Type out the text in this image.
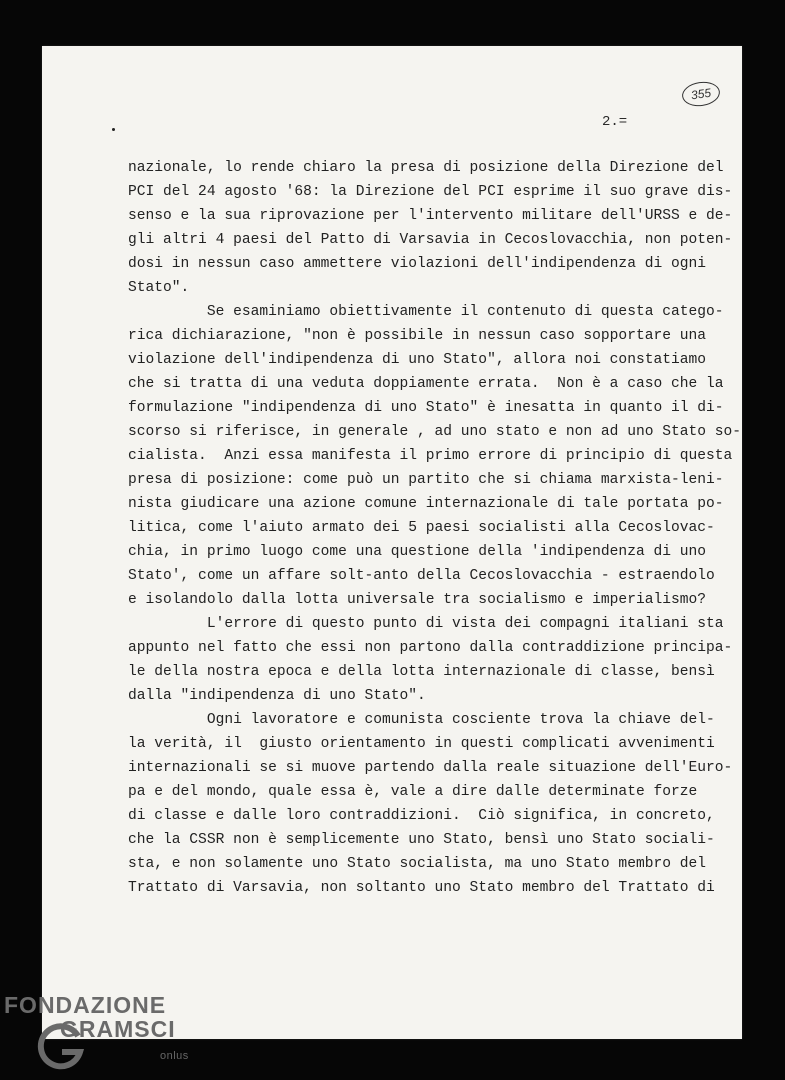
355

2.=

nazionale, lo rende chiaro la presa di posizione della Direzione del
PCI del 24 agosto '68: la Direzione del PCI esprime il suo grave dis-
senso e la sua riprovazione per l'intervento militare dell'URSS e de-
gli altri 4 paesi del Patto di Varsavia in Cecoslovacchia, non poten-
dosi in nessun caso ammettere violazioni dell'indipendenza di ogni
Stato".
Se esaminiamo obiettivamente il contenuto di questa catego-
rica dichiarazione, "non è possibile in nessun caso sopportare una
violazione dell'indipendenza di uno Stato", allora noi constatiamo
che si tratta di una veduta doppiamente errata.  Non è a caso che la
formulazione "indipendenza di uno Stato" è inesatta in quanto il di-
scorso si riferisce, in generale , ad uno stato e non ad uno Stato so-
cialista.  Anzi essa manifesta il primo errore di principio di questa
presa di posizione: come può un partito che si chiama marxista-leni-
nista giudicare una azione comune internazionale di tale portata po-
litica, come l'aiuto armato dei 5 paesi socialisti alla Cecoslovac-
chia, in primo luogo come una questione della 'indipendenza di uno
Stato', come un affare solt-anto della Cecoslovacchia - estraendolo
e isolandolo dalla lotta universale tra socialismo e imperialismo?
L'errore di questo punto di vista dei compagni italiani sta
appunto nel fatto che essi non partono dalla contraddizione principa-
le della nostra epoca e della lotta internazionale di classe, bensì
dalla "indipendenza di uno Stato".
Ogni lavoratore e comunista cosciente trova la chiave del-
la verità, il  giusto orientamento in questi complicati avvenimenti
internazionali se si muove partendo dalla reale situazione dell'Euro-
pa e del mondo, quale essa è, vale a dire dalle determinate forze
di classe e dalle loro contraddizioni.  Ciò significa, in concreto,
che la CSSR non è semplicemente uno Stato, bensì uno Stato sociali-
sta, e non solamente uno Stato socialista, ma uno Stato membro del
Trattato di Varsavia, non soltanto uno Stato membro del Trattato di
FONDAZIONE
GRAMSCI
onlus
